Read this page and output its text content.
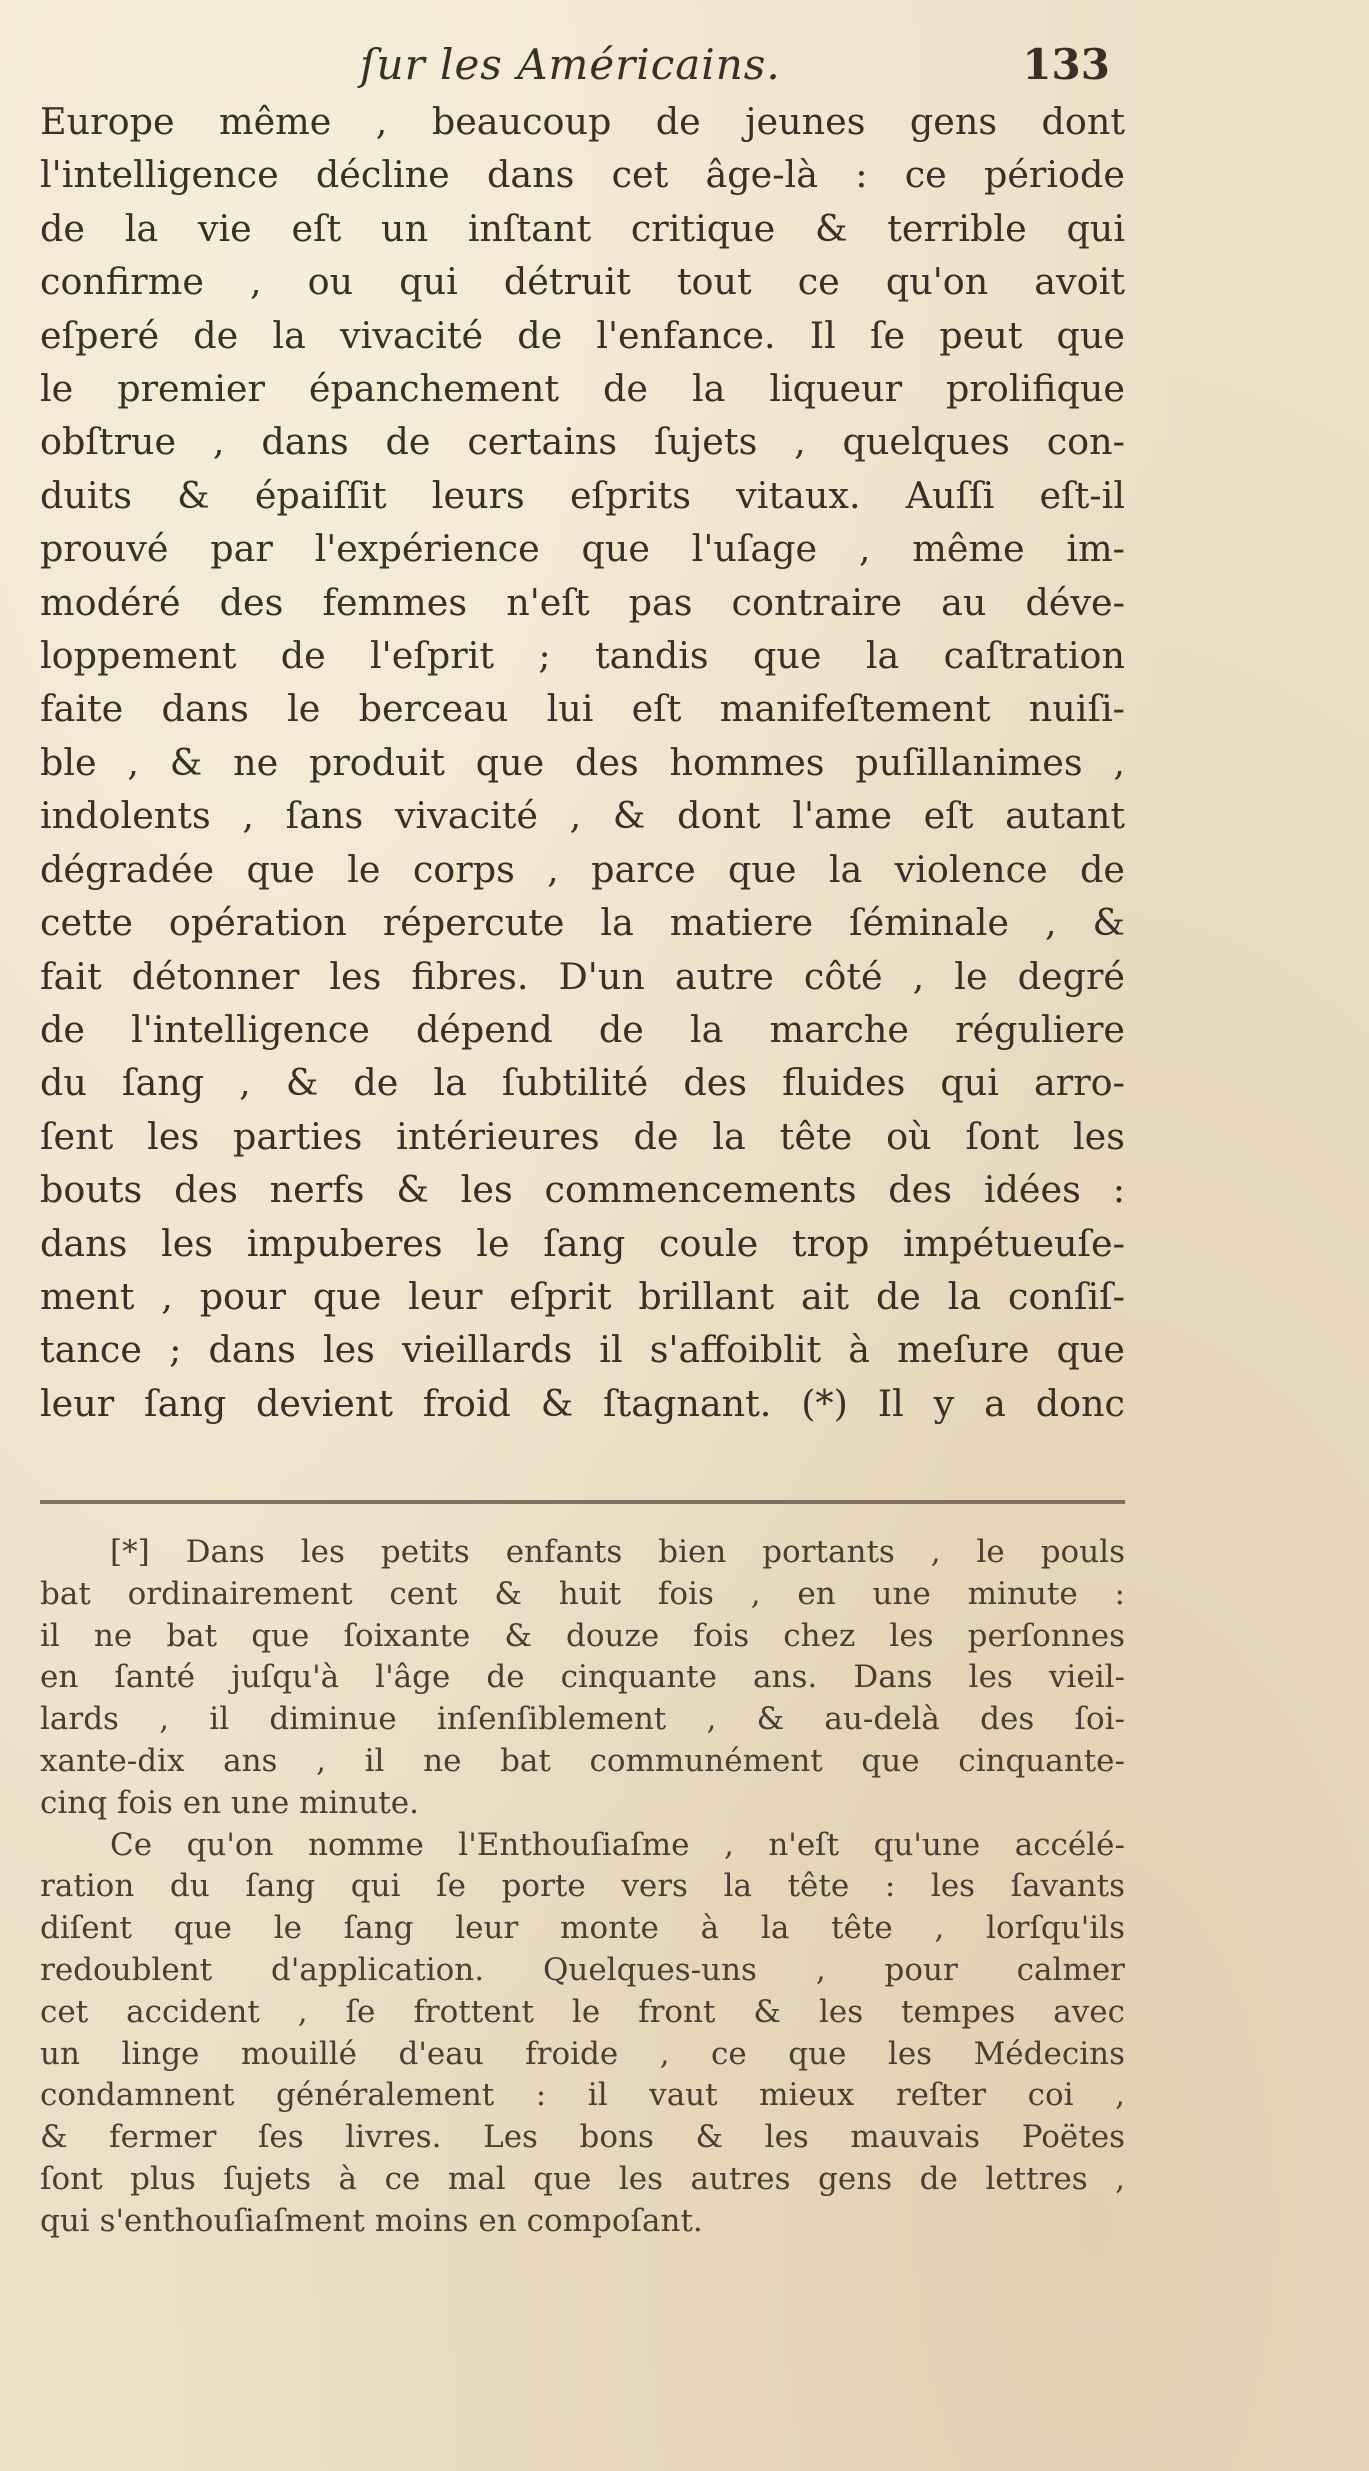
ſur les Américains.	133
Europe même , beaucoup de jeunes gens dont
l'intelligence décline dans cet âge-là : ce période
de la vie eſt un inſtant critique & terrible qui
confirme , ou qui détruit tout ce qu'on avoit
eſperé de la vivacité de l'enfance. Il ſe peut que
le premier épanchement de la liqueur prolifique
obſtrue , dans de certains ſujets , quelques con-
duits & épaiſſit leurs eſprits vitaux. Auſſi eſt-il
prouvé par l'expérience que l'uſage , même im-
modéré des femmes n'eſt pas contraire au déve-
loppement de l'eſprit ; tandis que la caſtration
faite dans le berceau lui eſt manifeſtement nuiſi-
ble , & ne produit que des hommes puſillanimes ,
indolents , ſans vivacité , & dont l'ame eſt autant
dégradée que le corps , parce que la violence de
cette opération répercute la matiere ſéminale , &
fait détonner les fibres. D'un autre côté , le degré
de l'intelligence dépend de la marche réguliere
du ſang , & de la ſubtilité des fluides qui arro-
ſent les parties intérieures de la tête où ſont les
bouts des nerfs & les commencements des idées :
dans les impuberes le ſang coule trop impétueuſe-
ment , pour que leur eſprit brillant ait de la conſiſ-
tance ; dans les vieillards il s'affoiblit à meſure que
leur ſang devient froid & ſtagnant. (*) Il y a donc
[*] Dans les petits enfants bien portants , le pouls
bat ordinairement cent & huit fois , en une minute :
il ne bat que ſoixante & douze fois chez les perſonnes
en ſanté juſqu'à l'âge de cinquante ans. Dans les vieil-
lards , il diminue inſenſiblement , & au-delà des ſoi-
xante-dix ans , il ne bat communément que cinquante-
cinq fois en une minute.
Ce qu'on nomme l'Enthouſiaſme , n'eſt qu'une accélé-
ration du ſang qui ſe porte vers la tête : les ſavants
diſent que le ſang leur monte à la tête , lorſqu'ils
redoublent d'application. Quelques-uns , pour calmer
cet accident , ſe frottent le front & les tempes avec
un linge mouillé d'eau froide , ce que les Médecins
condamnent généralement : il vaut mieux reſter coi ,
& fermer ſes livres. Les bons & les mauvais Poëtes
ſont plus ſujets à ce mal que les autres gens de lettres ,
qui s'enthouſiaſment moins en compoſant.
